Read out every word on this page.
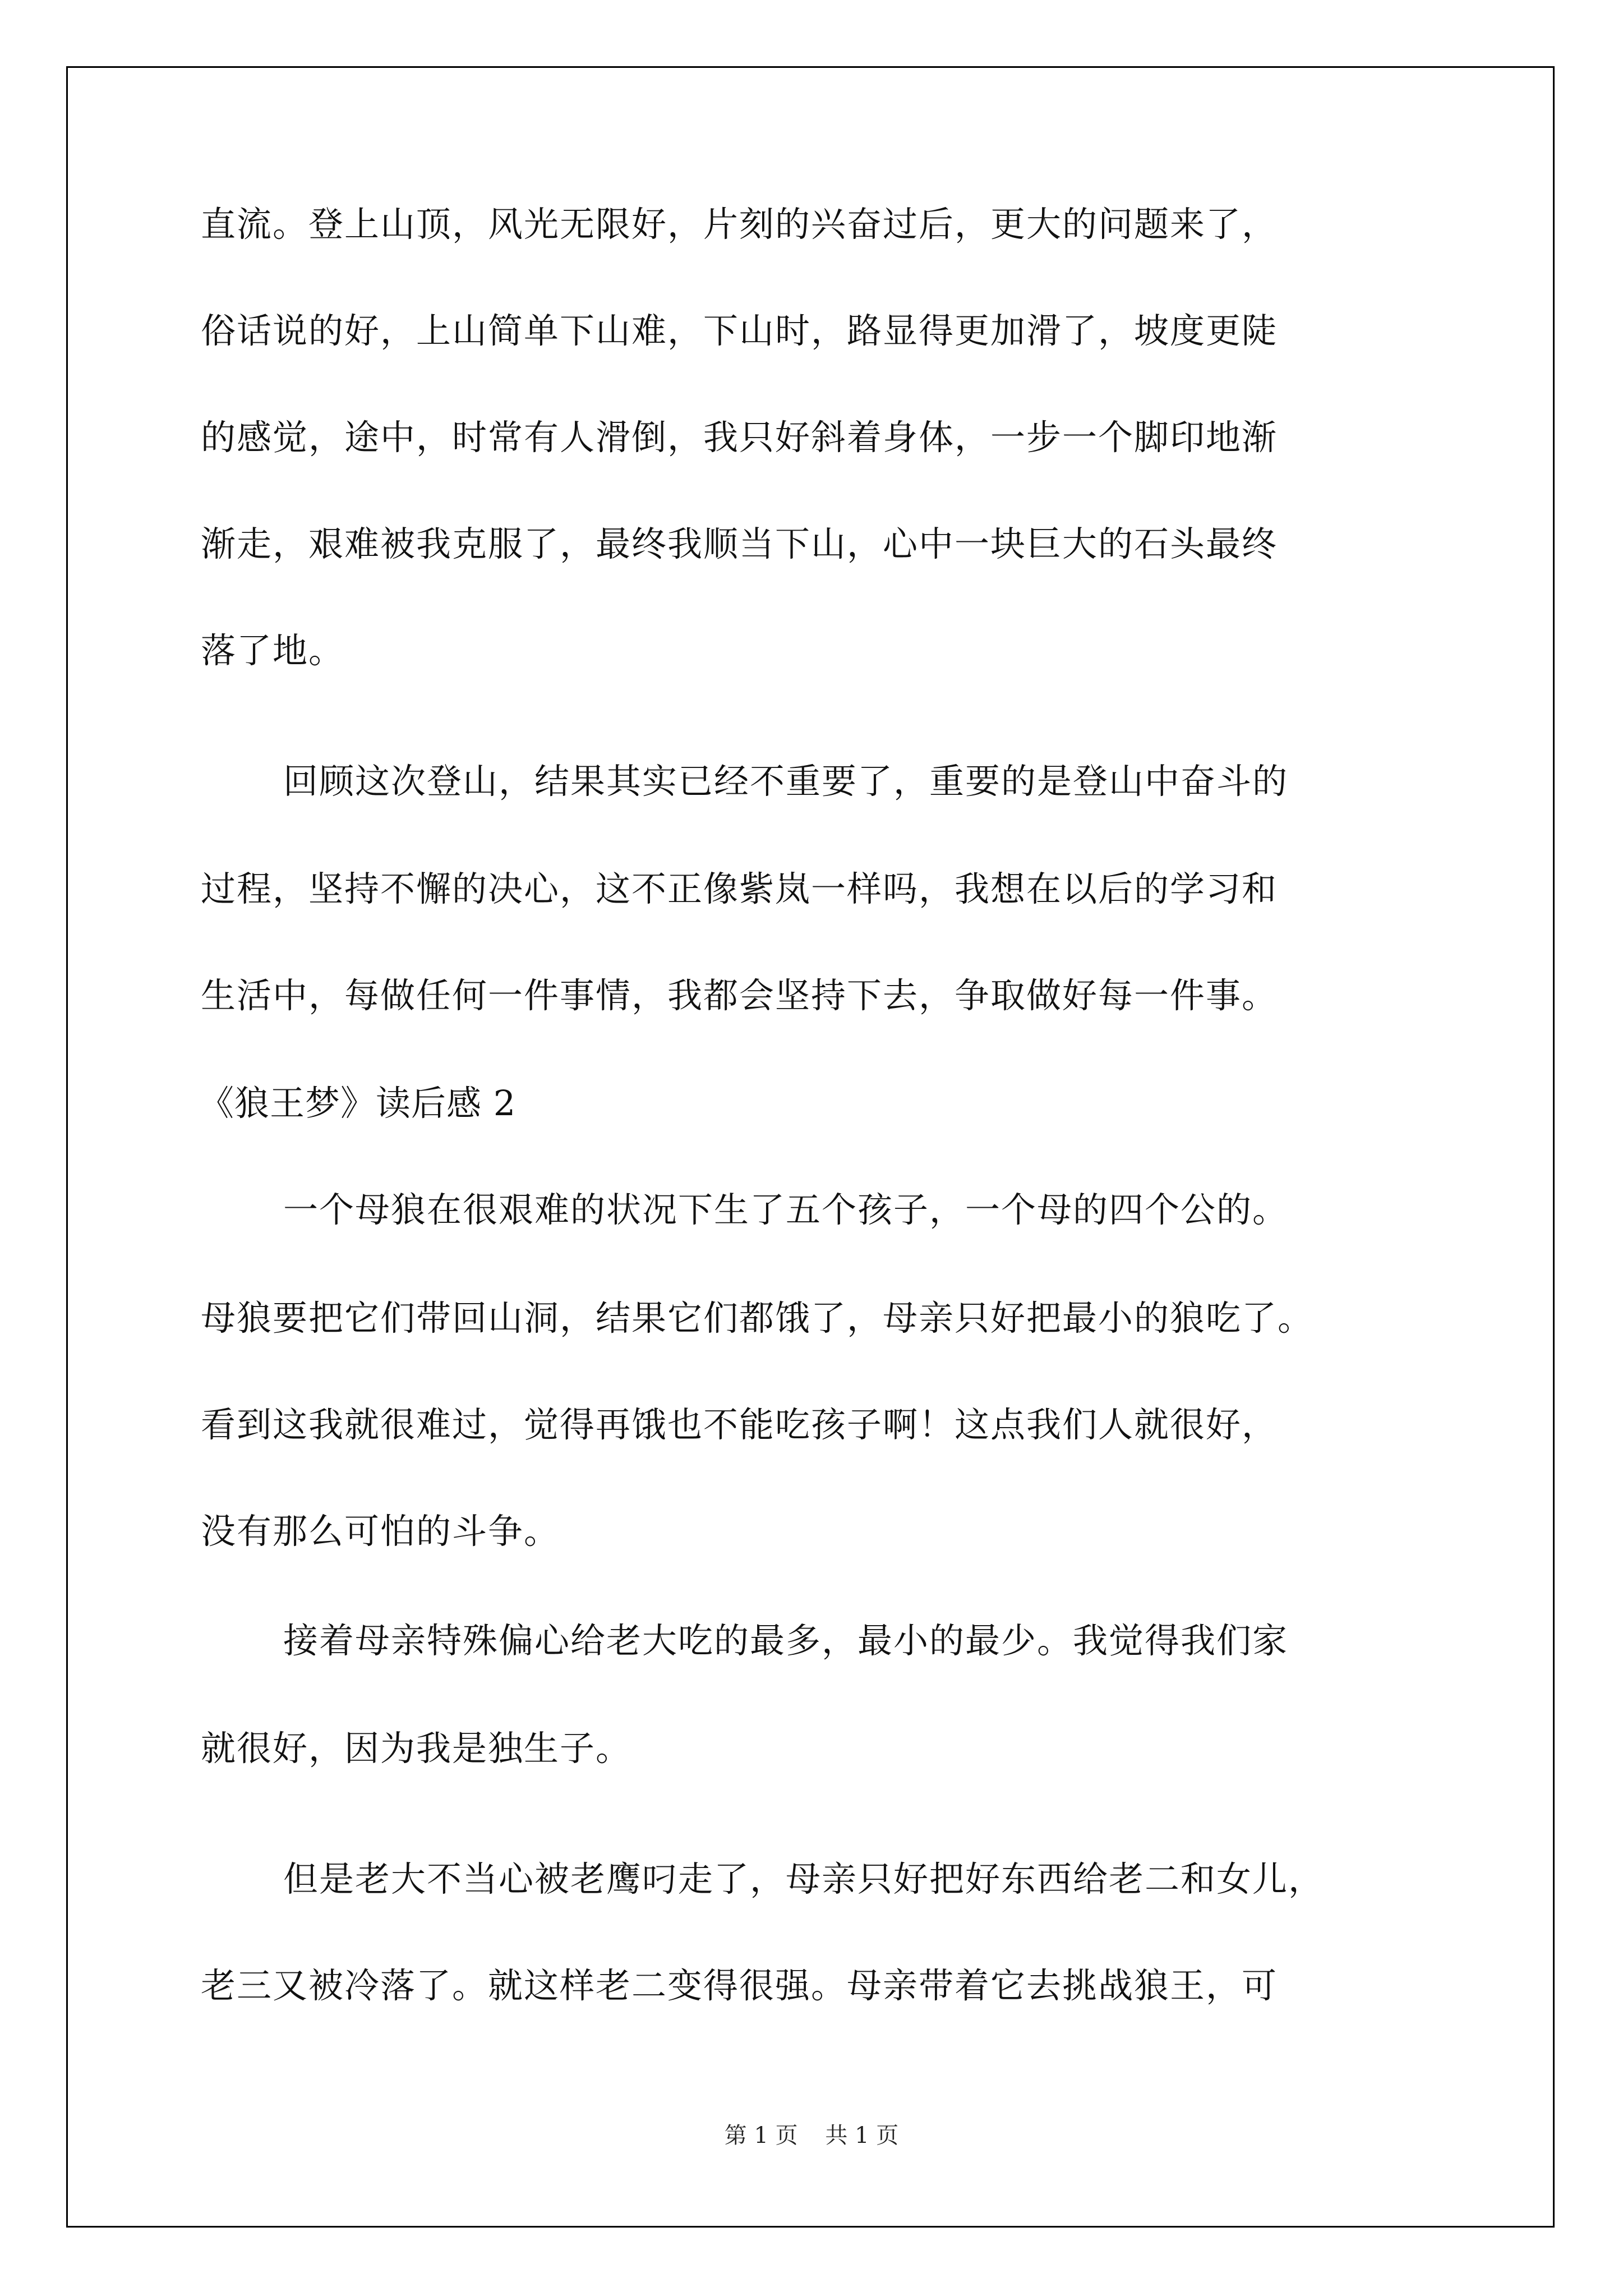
直流。登上山顶，风光无限好，片刻的兴奋过后，更大的问题来了，
俗话说的好，上山简单下山难，下山时，路显得更加滑了，坡度更陡
的感觉，途中，时常有人滑倒，我只好斜着身体，一步一个脚印地渐
渐走，艰难被我克服了，最终我顺当下山，心中一块巨大的石头最终
落了地。
回顾这次登山，结果其实已经不重要了，重要的是登山中奋斗的
过程，坚持不懈的决心，这不正像紫岚一样吗，我想在以后的学习和
生活中，每做任何一件事情，我都会坚持下去，争取做好每一件事。
《狼王梦》读后感 2
一个母狼在很艰难的状况下生了五个孩子，一个母的四个公的。
母狼要把它们带回山洞，结果它们都饿了，母亲只好把最小的狼吃了。
看到这我就很难过，觉得再饿也不能吃孩子啊！这点我们人就很好，
没有那么可怕的斗争。
接着母亲特殊偏心给老大吃的最多，最小的最少。我觉得我们家
就很好，因为我是独生子。
但是老大不当心被老鹰叼走了，母亲只好把好东西给老二和女儿，
老三又被冷落了。就这样老二变得很强。母亲带着它去挑战狼王，可
第 1 页 共 1 页
